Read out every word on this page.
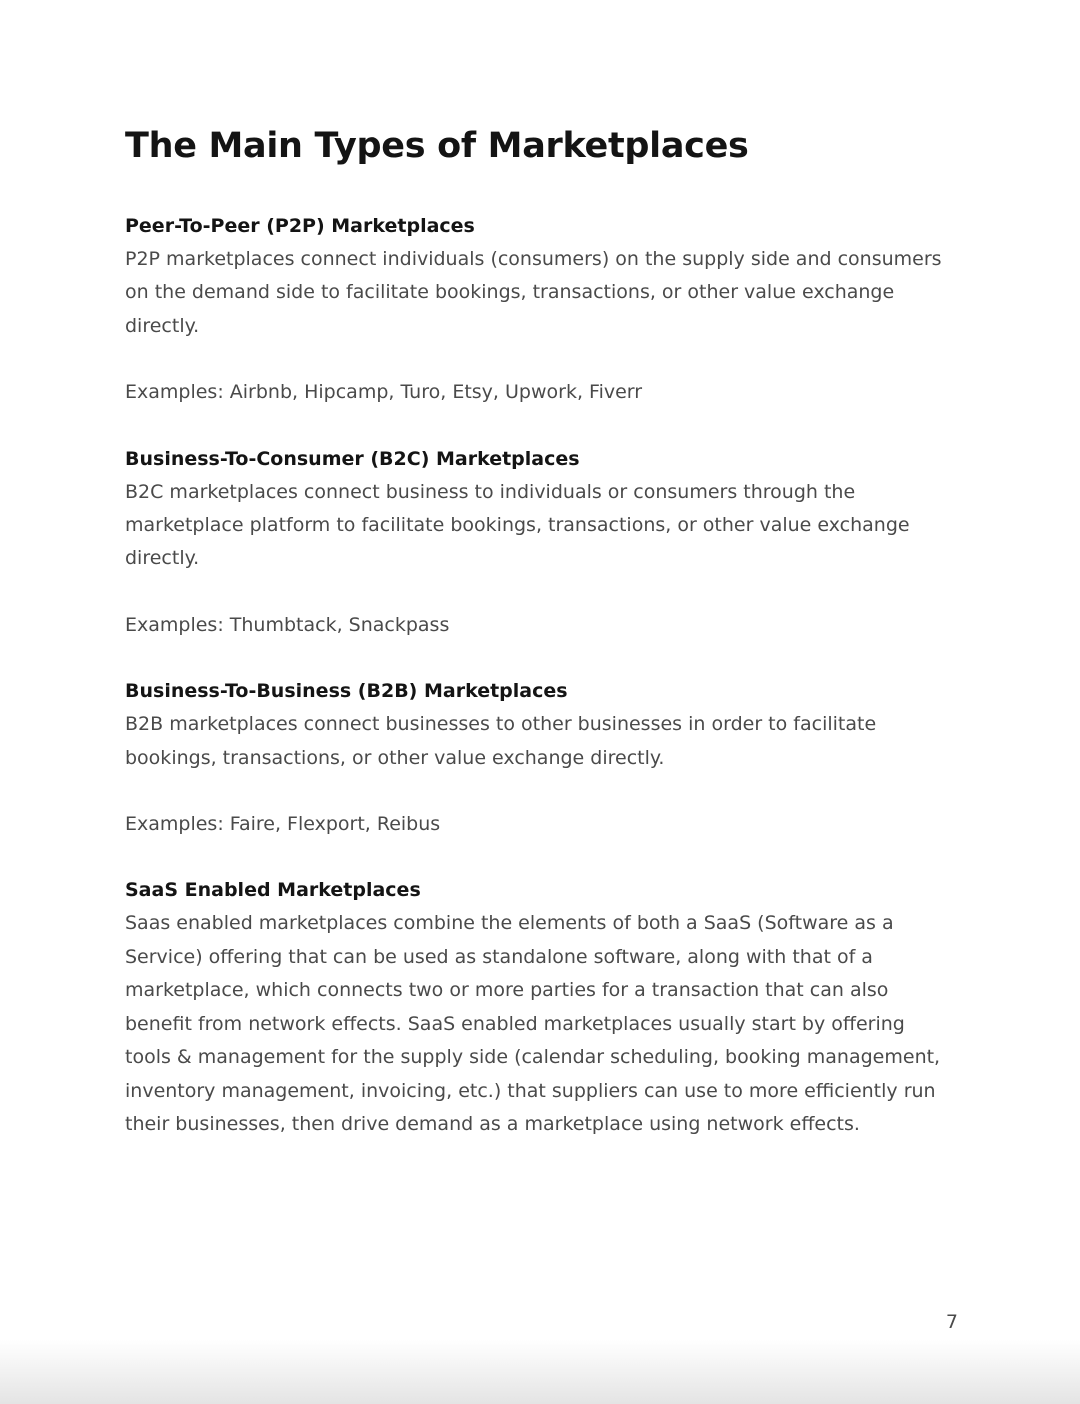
The Main Types of Marketplaces

Peer-To-Peer (P2P) Marketplaces

P2P marketplaces connect individuals (consumers) on the supply side and consumers on the demand side to facilitate bookings, transactions, or other value exchange directly.

Examples: Airbnb, Hipcamp, Turo, Etsy, Upwork, Fiverr

Business-To-Consumer (B2C) Marketplaces

B2C marketplaces connect business to individuals or consumers through the marketplace platform to facilitate bookings, transactions, or other value exchange directly.

Examples: Thumbtack, Snackpass

Business-To-Business (B2B) Marketplaces

B2B marketplaces connect businesses to other businesses in order to facilitate bookings, transactions, or other value exchange directly.

Examples: Faire, Flexport, Reibus

SaaS Enabled Marketplaces

Saas enabled marketplaces combine the elements of both a SaaS (Software as a Service) offering that can be used as standalone software, along with that of a marketplace, which connects two or more parties for a transaction that can also benefit from network effects. SaaS enabled marketplaces usually start by offering tools & management for the supply side (calendar scheduling, booking management, inventory management, invoicing, etc.) that suppliers can use to more efficiently run their businesses, then drive demand as a marketplace using network effects.

7
